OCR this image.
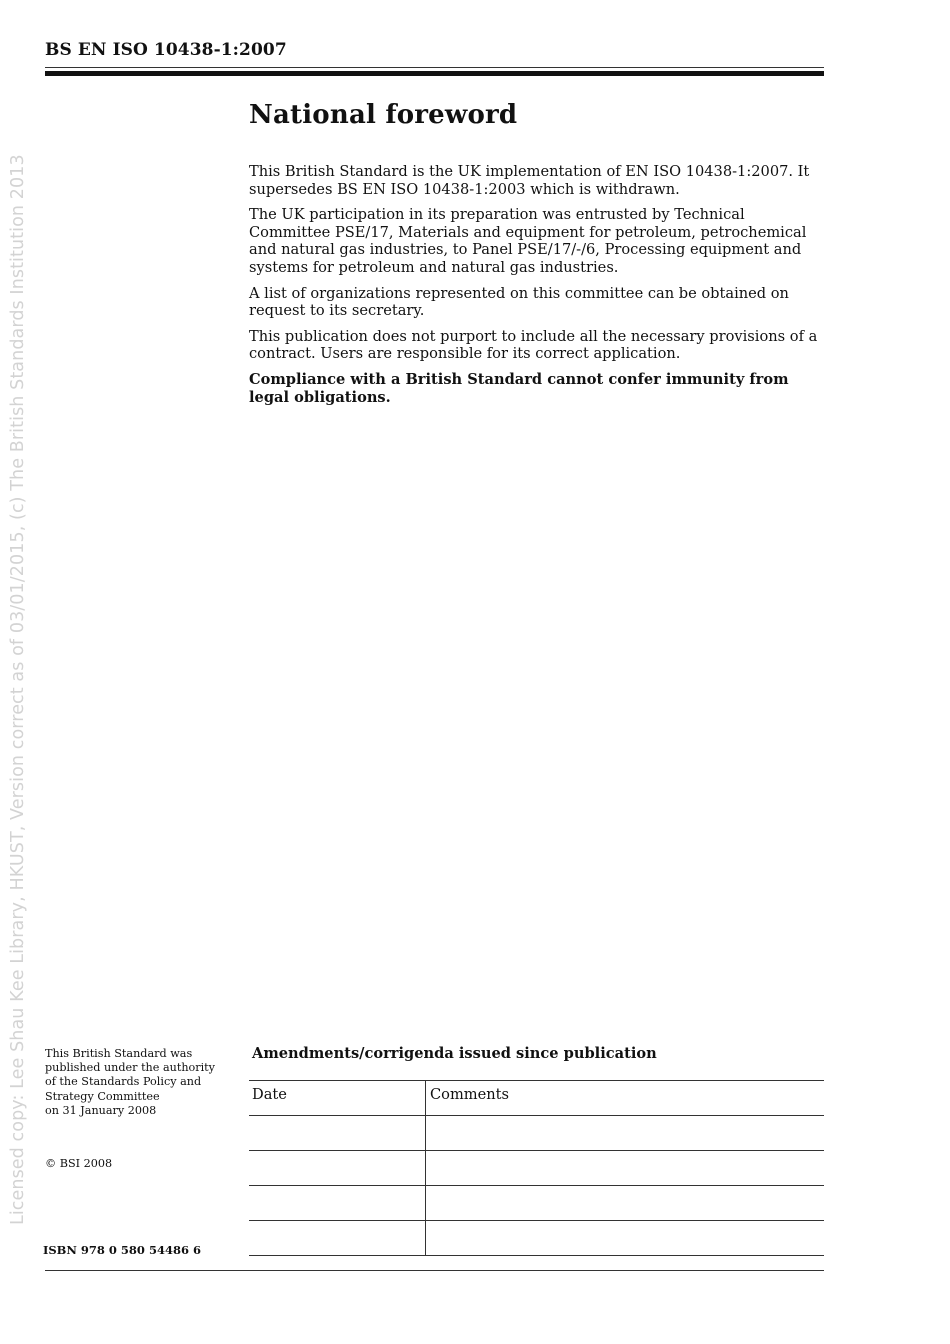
BS EN ISO 10438-1:2007
Licensed copy: Lee Shau Kee Library, HKUST, Version correct as of 03/01/2015, (c) The British Standards Institution 2013
National foreword

This British Standard is the UK implementation of EN ISO 10438-1:2007. It supersedes BS EN ISO 10438-1:2003 which is withdrawn.

The UK participation in its preparation was entrusted by Technical Committee PSE/17, Materials and equipment for petroleum, petrochemical and natural gas industries, to Panel PSE/17/-/6, Processing equipment and systems for petroleum and natural gas industries.

A list of organizations represented on this committee can be obtained on request to its secretary.

This publication does not purport to include all the necessary provisions of a contract. Users are responsible for its correct application.

Compliance with a British Standard cannot confer immunity from legal obligations.

This British Standard was

published under the authority

of the Standards Policy and

Strategy Committee

on 31 January 2008

© BSI 2008
ISBN 978 0 580 54486 6
Amendments/corrigenda issued since publication
Date	Comments
